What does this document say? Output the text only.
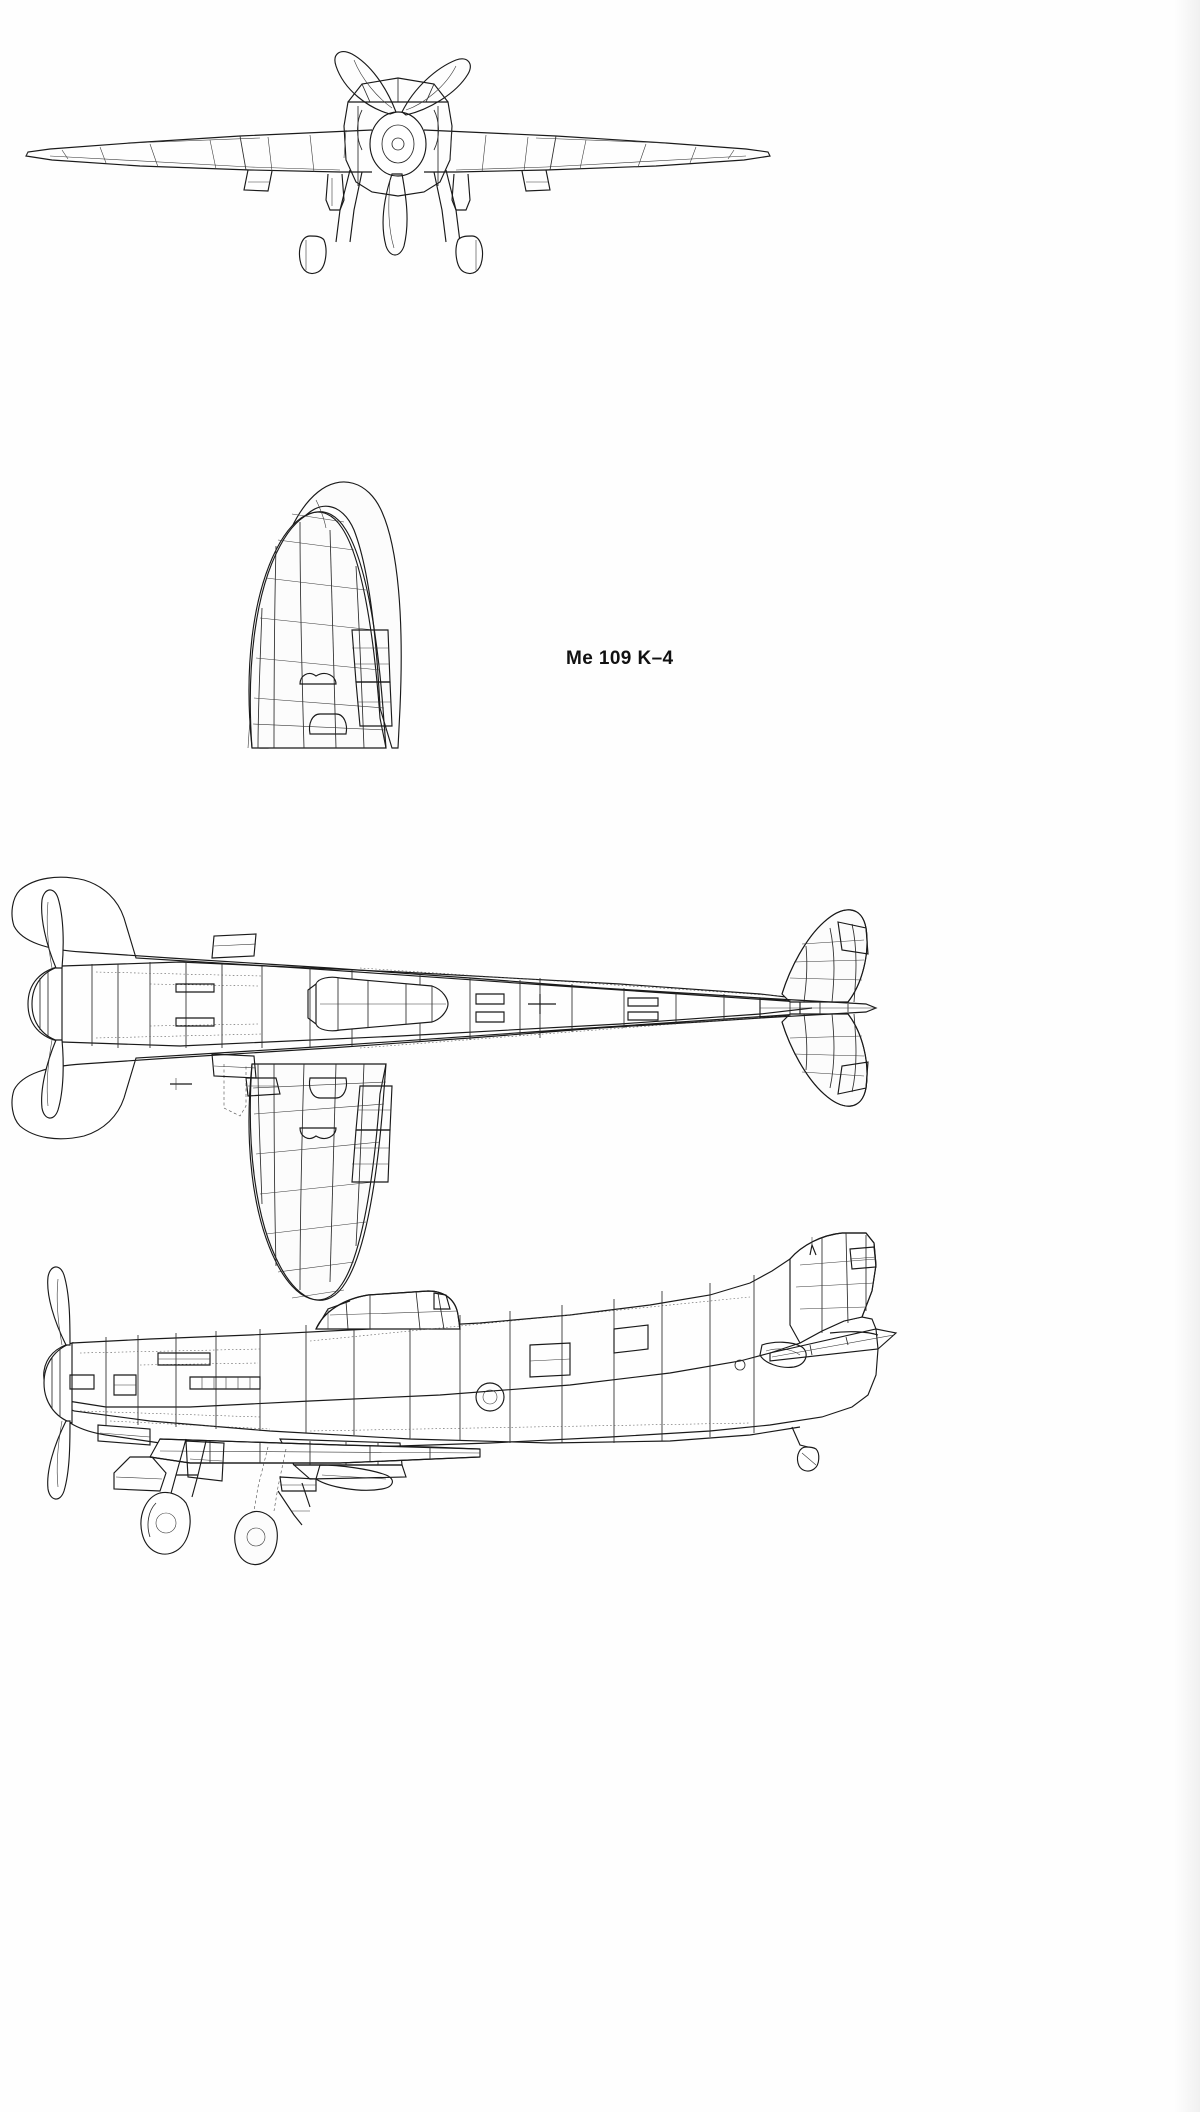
Me 109 K–4
